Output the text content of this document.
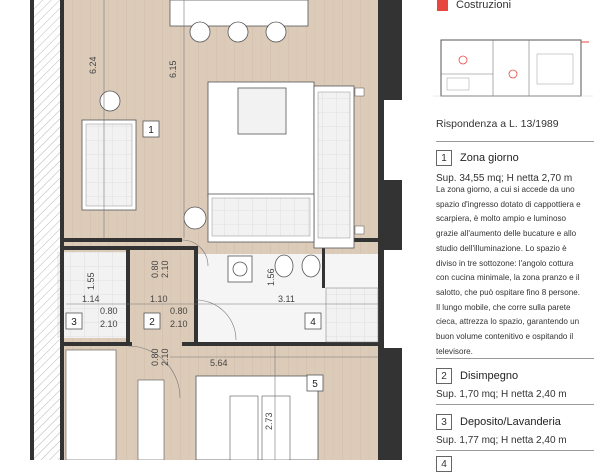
6.24	6.15
1.55
0.80 2.10	1.56
1.14	1.10	3.11
0.80
2.10
0.80
2.10
0.80 2.10	5.64
2.73
1
2
3	4
5
Costruzioni
Rispondenza a L. 13/1989
1	Zona giorno
Sup. 34,55 mq; H netta 2,70 m
La zona giorno, a cui si accede da uno spazio d'ingresso dotato di cappottiera e scarpiera, è molto ampio e luminoso grazie all'aumento delle bucature e allo studio dell'illuminazione. Lo spazio è diviso in tre sottozone: l'angolo cottura con cucina minimale, la zona pranzo e il salotto, che può ospitare fino 8 persone. Il lungo mobile, che corre sulla parete cieca, attrezza lo spazio, garantendo un buon volume contenitivo e ospitando il televisore.
2	Disimpegno
Sup. 1,70 mq; H netta 2,40 m
3	Deposito/Lavanderia
Sup. 1,77 mq; H netta 2,40 m
4
